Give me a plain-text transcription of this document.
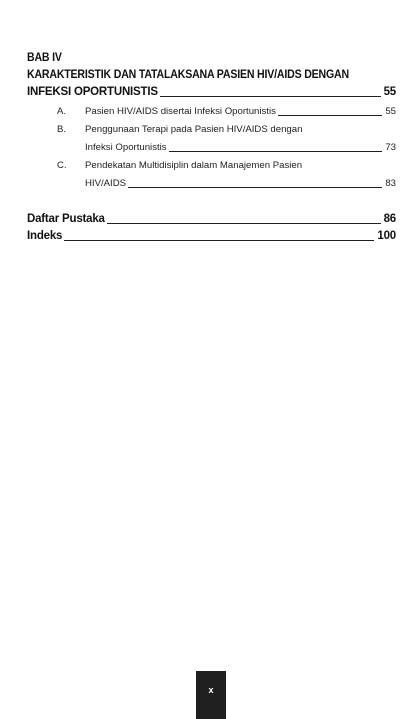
BAB IV
KARAKTERISTIK DAN TATALAKSANA PASIEN HIV/AIDS DENGAN
INFEKSI OPORTUNISTIS	55
A.	Pasien HIV/AIDS disertai Infeksi Oportunistis	55
B.	Penggunaan Terapi pada Pasien HIV/AIDS dengan
Infeksi Oportunistis	73
C.	Pendekatan Multidisiplin dalam Manajemen Pasien
HIV/AIDS	83
Daftar Pustaka	86
Indeks	100
x
